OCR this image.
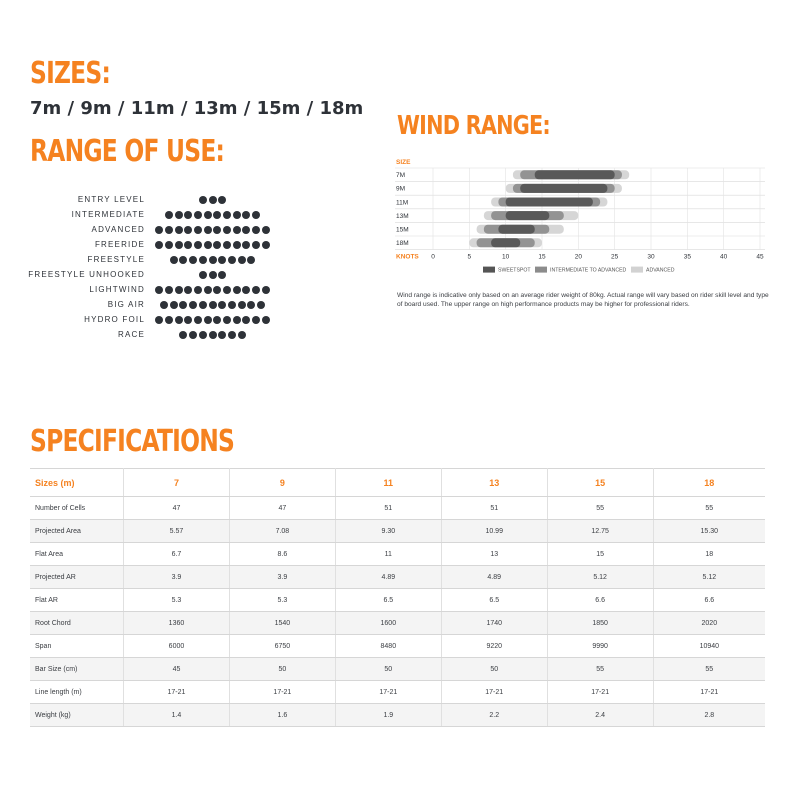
SIZES:

7m / 9m / 11m / 13m / 15m / 18m

RANGE OF USE:
ENTRY LEVEL
INTERMEDIATE
ADVANCED
FREERIDE
FREESTYLE
FREESTYLE UNHOOKED
LIGHTWIND
BIG AIR
HYDRO FOIL
RACE
WIND RANGE:
SIZE
7M
9M
11M
13M
15M
18M
KNOTS 0	5	10	15	20	25	30	35	40	45
SWEETSPOT	INTERMEDIATE TO ADVANCED	ADVANCED

Wind range is indicative only based on an average rider weight of 80kg. Actual range will vary based on rider skill level and type of board used. The upper range on high performance products may be higher for professional riders.

SPECIFICATIONS
Sizes (m)	7	9	11	13	15	18
Number of Cells	47	47	51	51	55	55
Projected Area	5.57	7.08	9.30	10.99	12.75	15.30
Flat Area	6.7	8.6	11	13	15	18
Projected AR	3.9	3.9	4.89	4.89	5.12	5.12
Flat AR	5.3	5.3	6.5	6.5	6.6	6.6
Root Chord	1360	1540	1600	1740	1850	2020
Span	6000	6750	8480	9220	9990	10940
Bar Size (cm)	45	50	50	50	55	55
Line length (m)	17-21	17-21	17-21	17-21	17-21	17-21
Weight (kg)	1.4	1.6	1.9	2.2	2.4	2.8
